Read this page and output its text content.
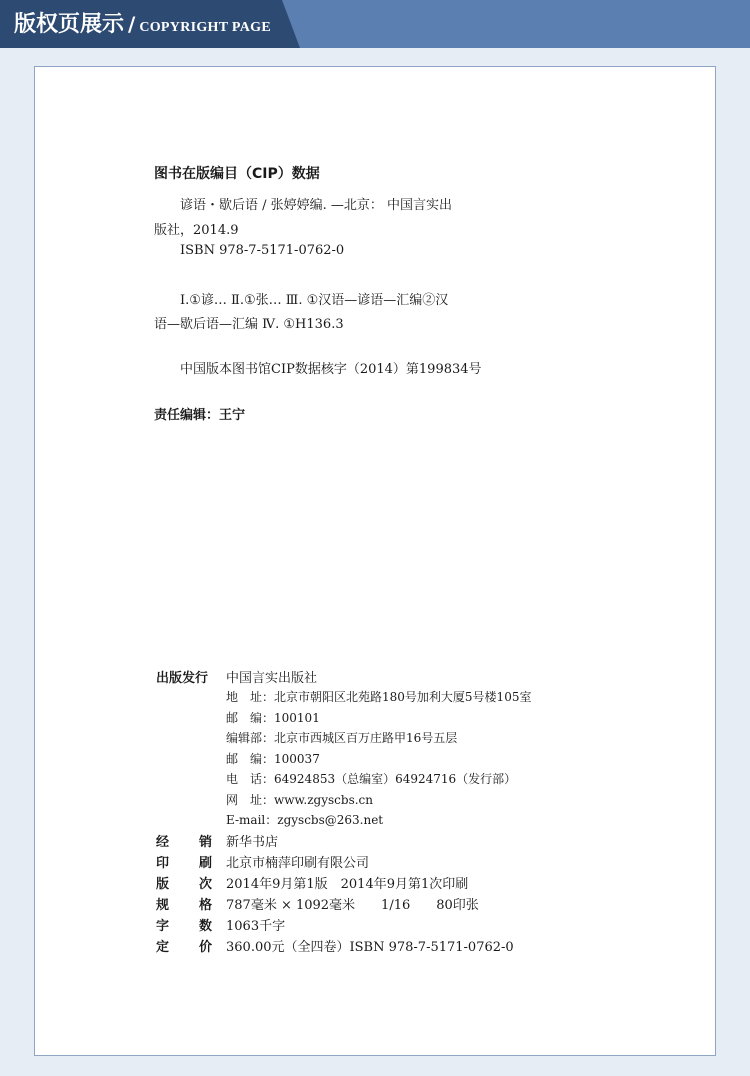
版权页展示 / COPYRIGHT PAGE
图书在版编目（CIP）数据
谚语・歇后语 / 张婷婷编. —北京： 中国言实出
版社，2014.9
ISBN 978-7-5171-0762-0
Ⅰ.①谚… Ⅱ.①张… Ⅲ. ①汉语—谚语—汇编②汉
语—歇后语—汇编 Ⅳ. ①H136.3
中国版本图书馆CIP数据核字（2014）第199834号
责任编辑：王宁
出版发行 中国言实出版社
地　址：北京市朝阳区北苑路180号加利大厦5号楼105室
邮　编：100101
编辑部：北京市西城区百万庄路甲16号五层
邮　编：100037
电　话：64924853（总编室）64924716（发行部）
网　址：www.zgyscbs.cn
E-mail：zgyscbs@263.net
经 销 新华书店
印 刷 北京市楠萍印刷有限公司
版 次 2014年9月第1版　2014年9月第1次印刷
规 格 787毫米 × 1092毫米　　1/16　　80印张
字 数 1063千字
定 价 360.00元（全四卷）ISBN 978-7-5171-0762-0
